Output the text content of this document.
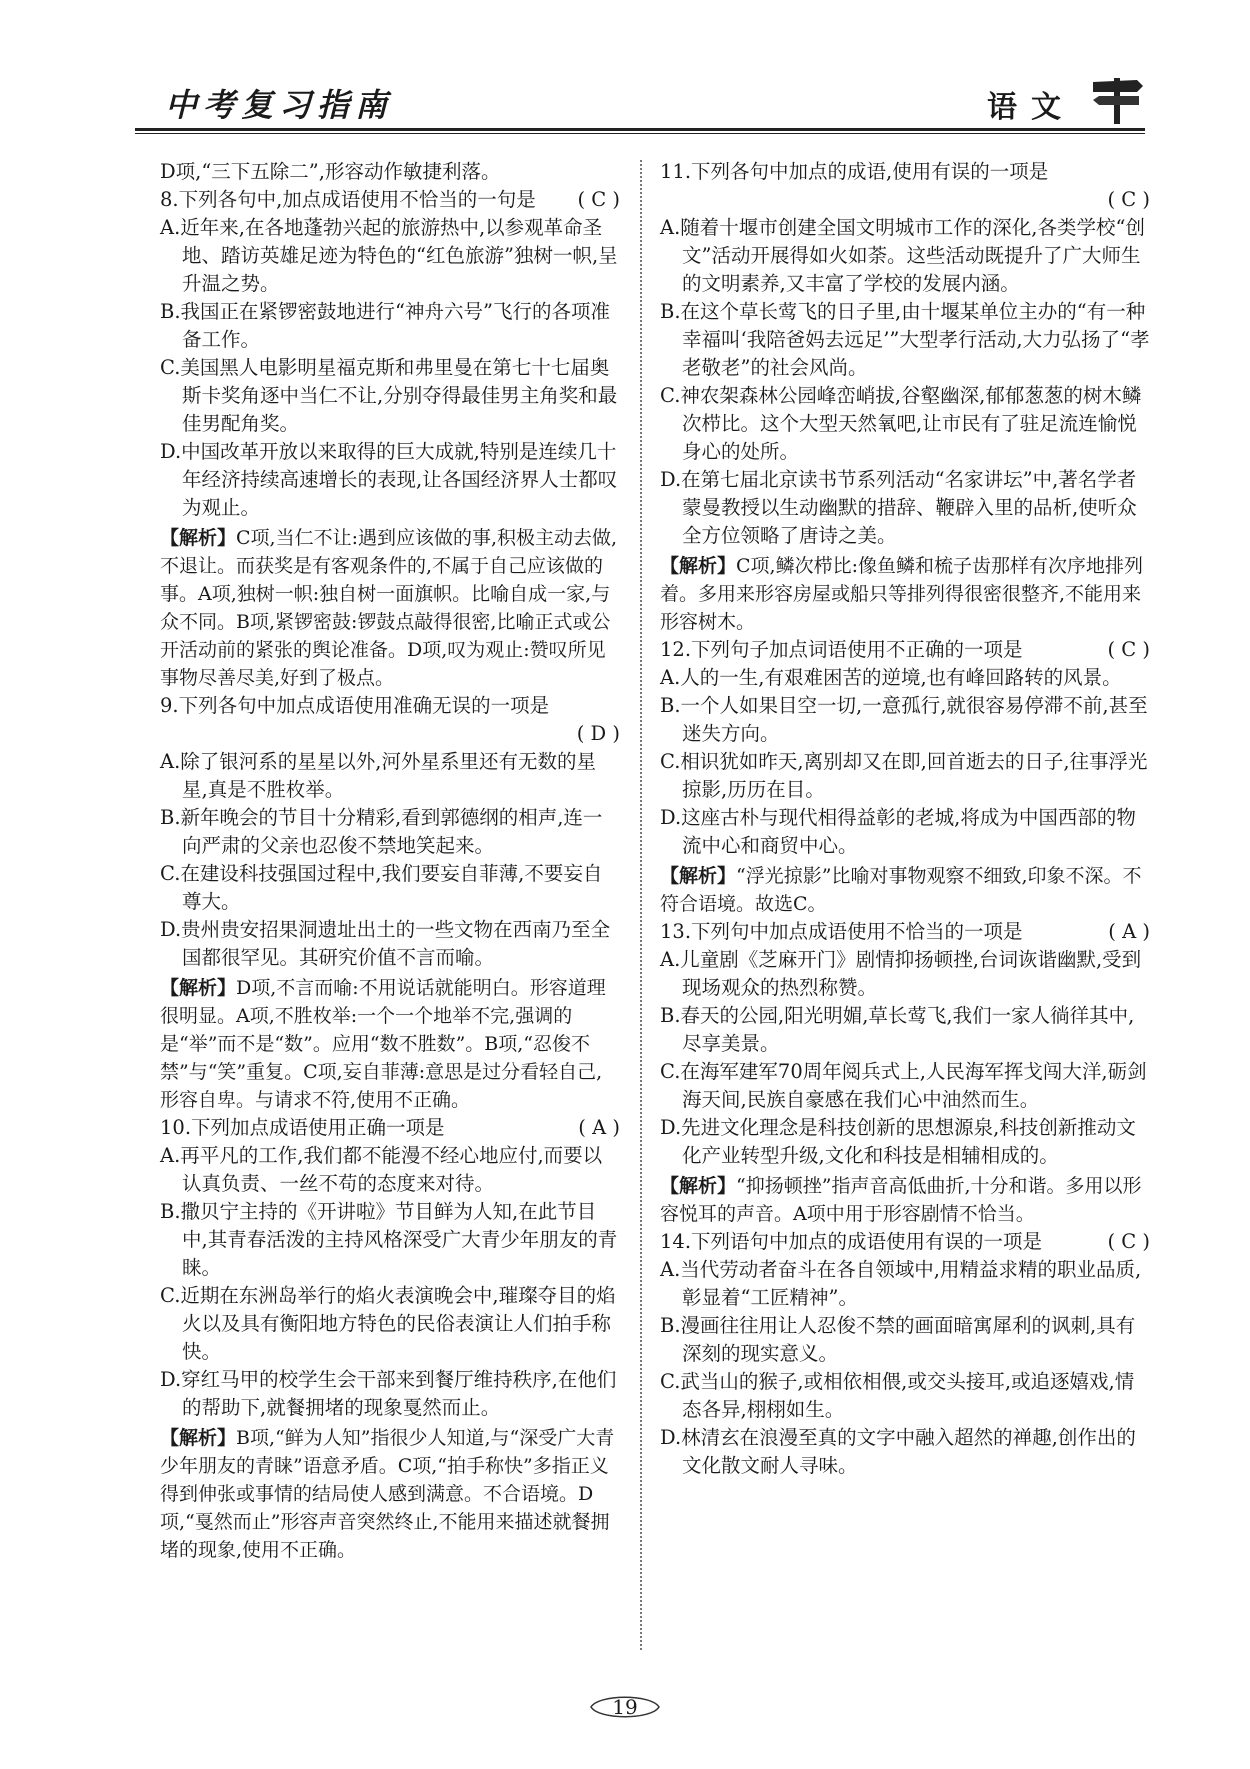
中考复习指南	语文

D项,“三下五除二”,形容动作敏捷利落。

8.下列各句中,加点成语使用不恰当的一句是 ( C )
A.近年来,在各地蓬勃兴起的旅游热中,以参观革命圣地、踏访英雄足迹为特色的“红色旅游”独树一帜,呈升温之势。
B.我国正在紧锣密鼓地进行“神舟六号”飞行的各项准备工作。
C.美国黑人电影明星福克斯和弗里曼在第七十七届奥斯卡奖角逐中当仁不让,分别夺得最佳男主角奖和最佳男配角奖。
D.中国改革开放以来取得的巨大成就,特别是连续几十年经济持续高速增长的表现,让各国经济界人士都叹为观止。

【解析】C项,当仁不让:遇到应该做的事,积极主动去做,不退让。而获奖是有客观条件的,不属于自己应该做的事。A项,独树一帜:独自树一面旗帜。比喻自成一家,与众不同。B项,紧锣密鼓:锣鼓点敲得很密,比喻正式或公开活动前的紧张的舆论准备。D项,叹为观止:赞叹所见事物尽善尽美,好到了极点。

9.下列各句中加点成语使用准确无误的一项是
( D )
A.除了银河系的星星以外,河外星系里还有无数的星星,真是不胜枚举。
B.新年晚会的节目十分精彩,看到郭德纲的相声,连一向严肃的父亲也忍俊不禁地笑起来。
C.在建设科技强国过程中,我们要妄自菲薄,不要妄自尊大。
D.贵州贵安招果洞遗址出土的一些文物在西南乃至全国都很罕见。其研究价值不言而喻。

【解析】D项,不言而喻:不用说话就能明白。形容道理很明显。A项,不胜枚举:一个一个地举不完,强调的是“举”而不是“数”。应用“数不胜数”。B项,“忍俊不禁”与“笑”重复。C项,妄自菲薄:意思是过分看轻自己,形容自卑。与请求不符,使用不正确。

10.下列加点成语使用正确一项是	( A )
A.再平凡的工作,我们都不能漫不经心地应付,而要以认真负责、一丝不苟的态度来对待。
B.撒贝宁主持的《开讲啦》节目鲜为人知,在此节目中,其青春活泼的主持风格深受广大青少年朋友的青睐。
C.近期在东洲岛举行的焰火表演晚会中,璀璨夺目的焰火以及具有衡阳地方特色的民俗表演让人们拍手称快。
D.穿红马甲的校学生会干部来到餐厅维持秩序,在他们的帮助下,就餐拥堵的现象戛然而止。

【解析】B项,“鲜为人知”指很少人知道,与“深受广大青少年朋友的青睐”语意矛盾。C项,“拍手称快”多指正义得到伸张或事情的结局使人感到满意。不合语境。D项,“戛然而止”形容声音突然终止,不能用来描述就餐拥堵的现象,使用不正确。

11.下列各句中加点的成语,使用有误的一项是
( C )
A.随着十堰市创建全国文明城市工作的深化,各类学校“创文”活动开展得如火如荼。这些活动既提升了广大师生的文明素养,又丰富了学校的发展内涵。
B.在这个草长莺飞的日子里,由十堰某单位主办的“有一种幸福叫‘我陪爸妈去远足’”大型孝行活动,大力弘扬了“孝老敬老”的社会风尚。
C.神农架森林公园峰峦峭拔,谷壑幽深,郁郁葱葱的树木鳞次栉比。这个大型天然氧吧,让市民有了驻足流连愉悦身心的处所。
D.在第七届北京读书节系列活动“名家讲坛”中,著名学者蒙曼教授以生动幽默的措辞、鞭辟入里的品析,使听众全方位领略了唐诗之美。

【解析】C项,鳞次栉比:像鱼鳞和梳子齿那样有次序地排列着。多用来形容房屋或船只等排列得很密很整齐,不能用来形容树木。

12.下列句子加点词语使用不正确的一项是	( C )
A.人的一生,有艰难困苦的逆境,也有峰回路转的风景。
B.一个人如果目空一切,一意孤行,就很容易停滞不前,甚至迷失方向。
C.相识犹如昨天,离别却又在即,回首逝去的日子,往事浮光掠影,历历在目。
D.这座古朴与现代相得益彰的老城,将成为中国西部的物流中心和商贸中心。

【解析】“浮光掠影”比喻对事物观察不细致,印象不深。不符合语境。故选C。

13.下列句中加点成语使用不恰当的一项是	( A )
A.儿童剧《芝麻开门》剧情抑扬顿挫,台词诙谐幽默,受到现场观众的热烈称赞。
B.春天的公园,阳光明媚,草长莺飞,我们一家人徜徉其中,尽享美景。
C.在海军建军70周年阅兵式上,人民海军挥戈闯大洋,砺剑海天间,民族自豪感在我们心中油然而生。
D.先进文化理念是科技创新的思想源泉,科技创新推动文化产业转型升级,文化和科技是相辅相成的。

【解析】“抑扬顿挫”指声音高低曲折,十分和谐。多用以形容悦耳的声音。A项中用于形容剧情不恰当。

14.下列语句中加点的成语使用有误的一项是	( C )
A.当代劳动者奋斗在各自领域中,用精益求精的职业品质,彰显着“工匠精神”。
B.漫画往往用让人忍俊不禁的画面暗寓犀利的讽刺,具有深刻的现实意义。
C.武当山的猴子,或相依相偎,或交头接耳,或追逐嬉戏,情态各异,栩栩如生。
D.林清玄在浪漫至真的文字中融入超然的禅趣,创作出的文化散文耐人寻味。
19
